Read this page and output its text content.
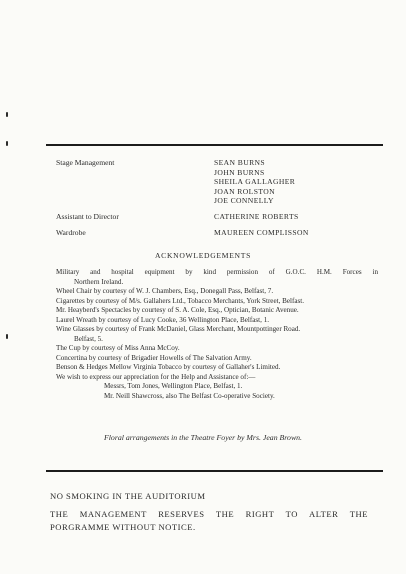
Stage Management	SEAN BURNS
JOHN BURNS
SHEILA GALLAGHER
JOAN ROLSTON
JOE CONNELLY
Assistant to Director	CATHERINE ROBERTS
Wardrobe	MAUREEN COMPLISSON
ACKNOWLEDGEMENTS
Military and hospital equipment by kind permission of G.O.C. H.M. Forces in
Northern Ireland.
Wheel Chair by courtesy of W. J. Chambers, Esq., Donegall Pass, Belfast, 7.
Cigarettes by courtesy of M/s. Gallahers Ltd., Tobacco Merchants, York Street, Belfast.
Mr. Heayberd's Spectacles by courtesy of S. A. Cole, Esq., Optician, Botanic Avenue.
Laurel Wreath by courtesy of Lucy Cooke, 36 Wellington Place, Belfast, 1.
Wine Glasses by courtesy of Frank McDaniel, Glass Merchant, Mountpottinger Road.
Belfast, 5.
The Cup by courtesy of Miss Anna McCoy.
Concertina by courtesy of Brigadier Howells of The Salvation Army.
Benson & Hedges Mellow Virginia Tobacco by courtesy of Gallaher's Limited.
We wish to express our appreciation for the Help and Assistance of:—
Messrs, Tom Jones, Wellington Place, Belfast, 1.
Mr. Neill Shawcross, also The Belfast Co-operative Society.
Floral arrangements in the Theatre Foyer by Mrs. Jean Brown.
NO SMOKING IN THE AUDITORIUM
THE MANAGEMENT RESERVES THE RIGHT TO ALTER THE
PORGRAMME WITHOUT NOTICE.
